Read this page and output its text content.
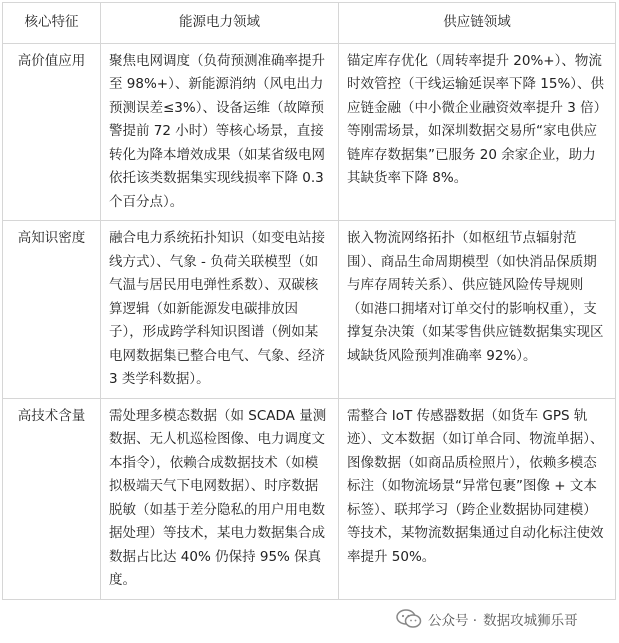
核心特征	能源电力领域	供应链领域
高价值应用	聚焦电网调度（负荷预测准确率提升至 98%+）、新能源消纳（风电出力预测误差≤3%）、设备运维（故障预警提前 72 小时）等核心场景，直接转化为降本增效成果（如某省级电网依托该类数据集实现线损率下降 0.3 个百分点）。	锚定库存优化（周转率提升 20%+）、物流时效管控（干线运输延误率下降 15%）、供应链金融（中小微企业融资效率提升 3 倍）等刚需场景，如深圳数据交易所“家电供应链库存数据集”已服务 20 余家企业，助力其缺货率下降 8%。
高知识密度	融合电力系统拓扑知识（如变电站接线方式）、气象 - 负荷关联模型（如气温与居民用电弹性系数）、双碳核算逻辑（如新能源发电碳排放因子），形成跨学科知识图谱（例如某电网数据集已整合电气、气象、经济 3 类学科数据）。	嵌入物流网络拓扑（如枢纽节点辐射范围）、商品生命周期模型（如快消品保质期与库存周转关系）、供应链风险传导规则（如港口拥堵对订单交付的影响权重），支撑复杂决策（如某零售供应链数据集实现区域缺货风险预判准确率 92%）。
高技术含量	需处理多模态数据（如 SCADA 量测数据、无人机巡检图像、电力调度文本指令），依赖合成数据技术（如模拟极端天气下电网数据）、时序数据脱敏（如基于差分隐私的用户用电数据处理）等技术，某电力数据集合成数据占比达 40% 仍保持 95% 保真度。	需整合 IoT 传感器数据（如货车 GPS 轨迹）、文本数据（如订单合同、物流单据）、图像数据（如商品质检照片），依赖多模态标注（如物流场景“异常包裹”图像 + 文本标签）、联邦学习（跨企业数据协同建模）等技术，某物流数据集通过自动化标注使效率提升 50%。
公众号 · 数据攻城狮乐哥
